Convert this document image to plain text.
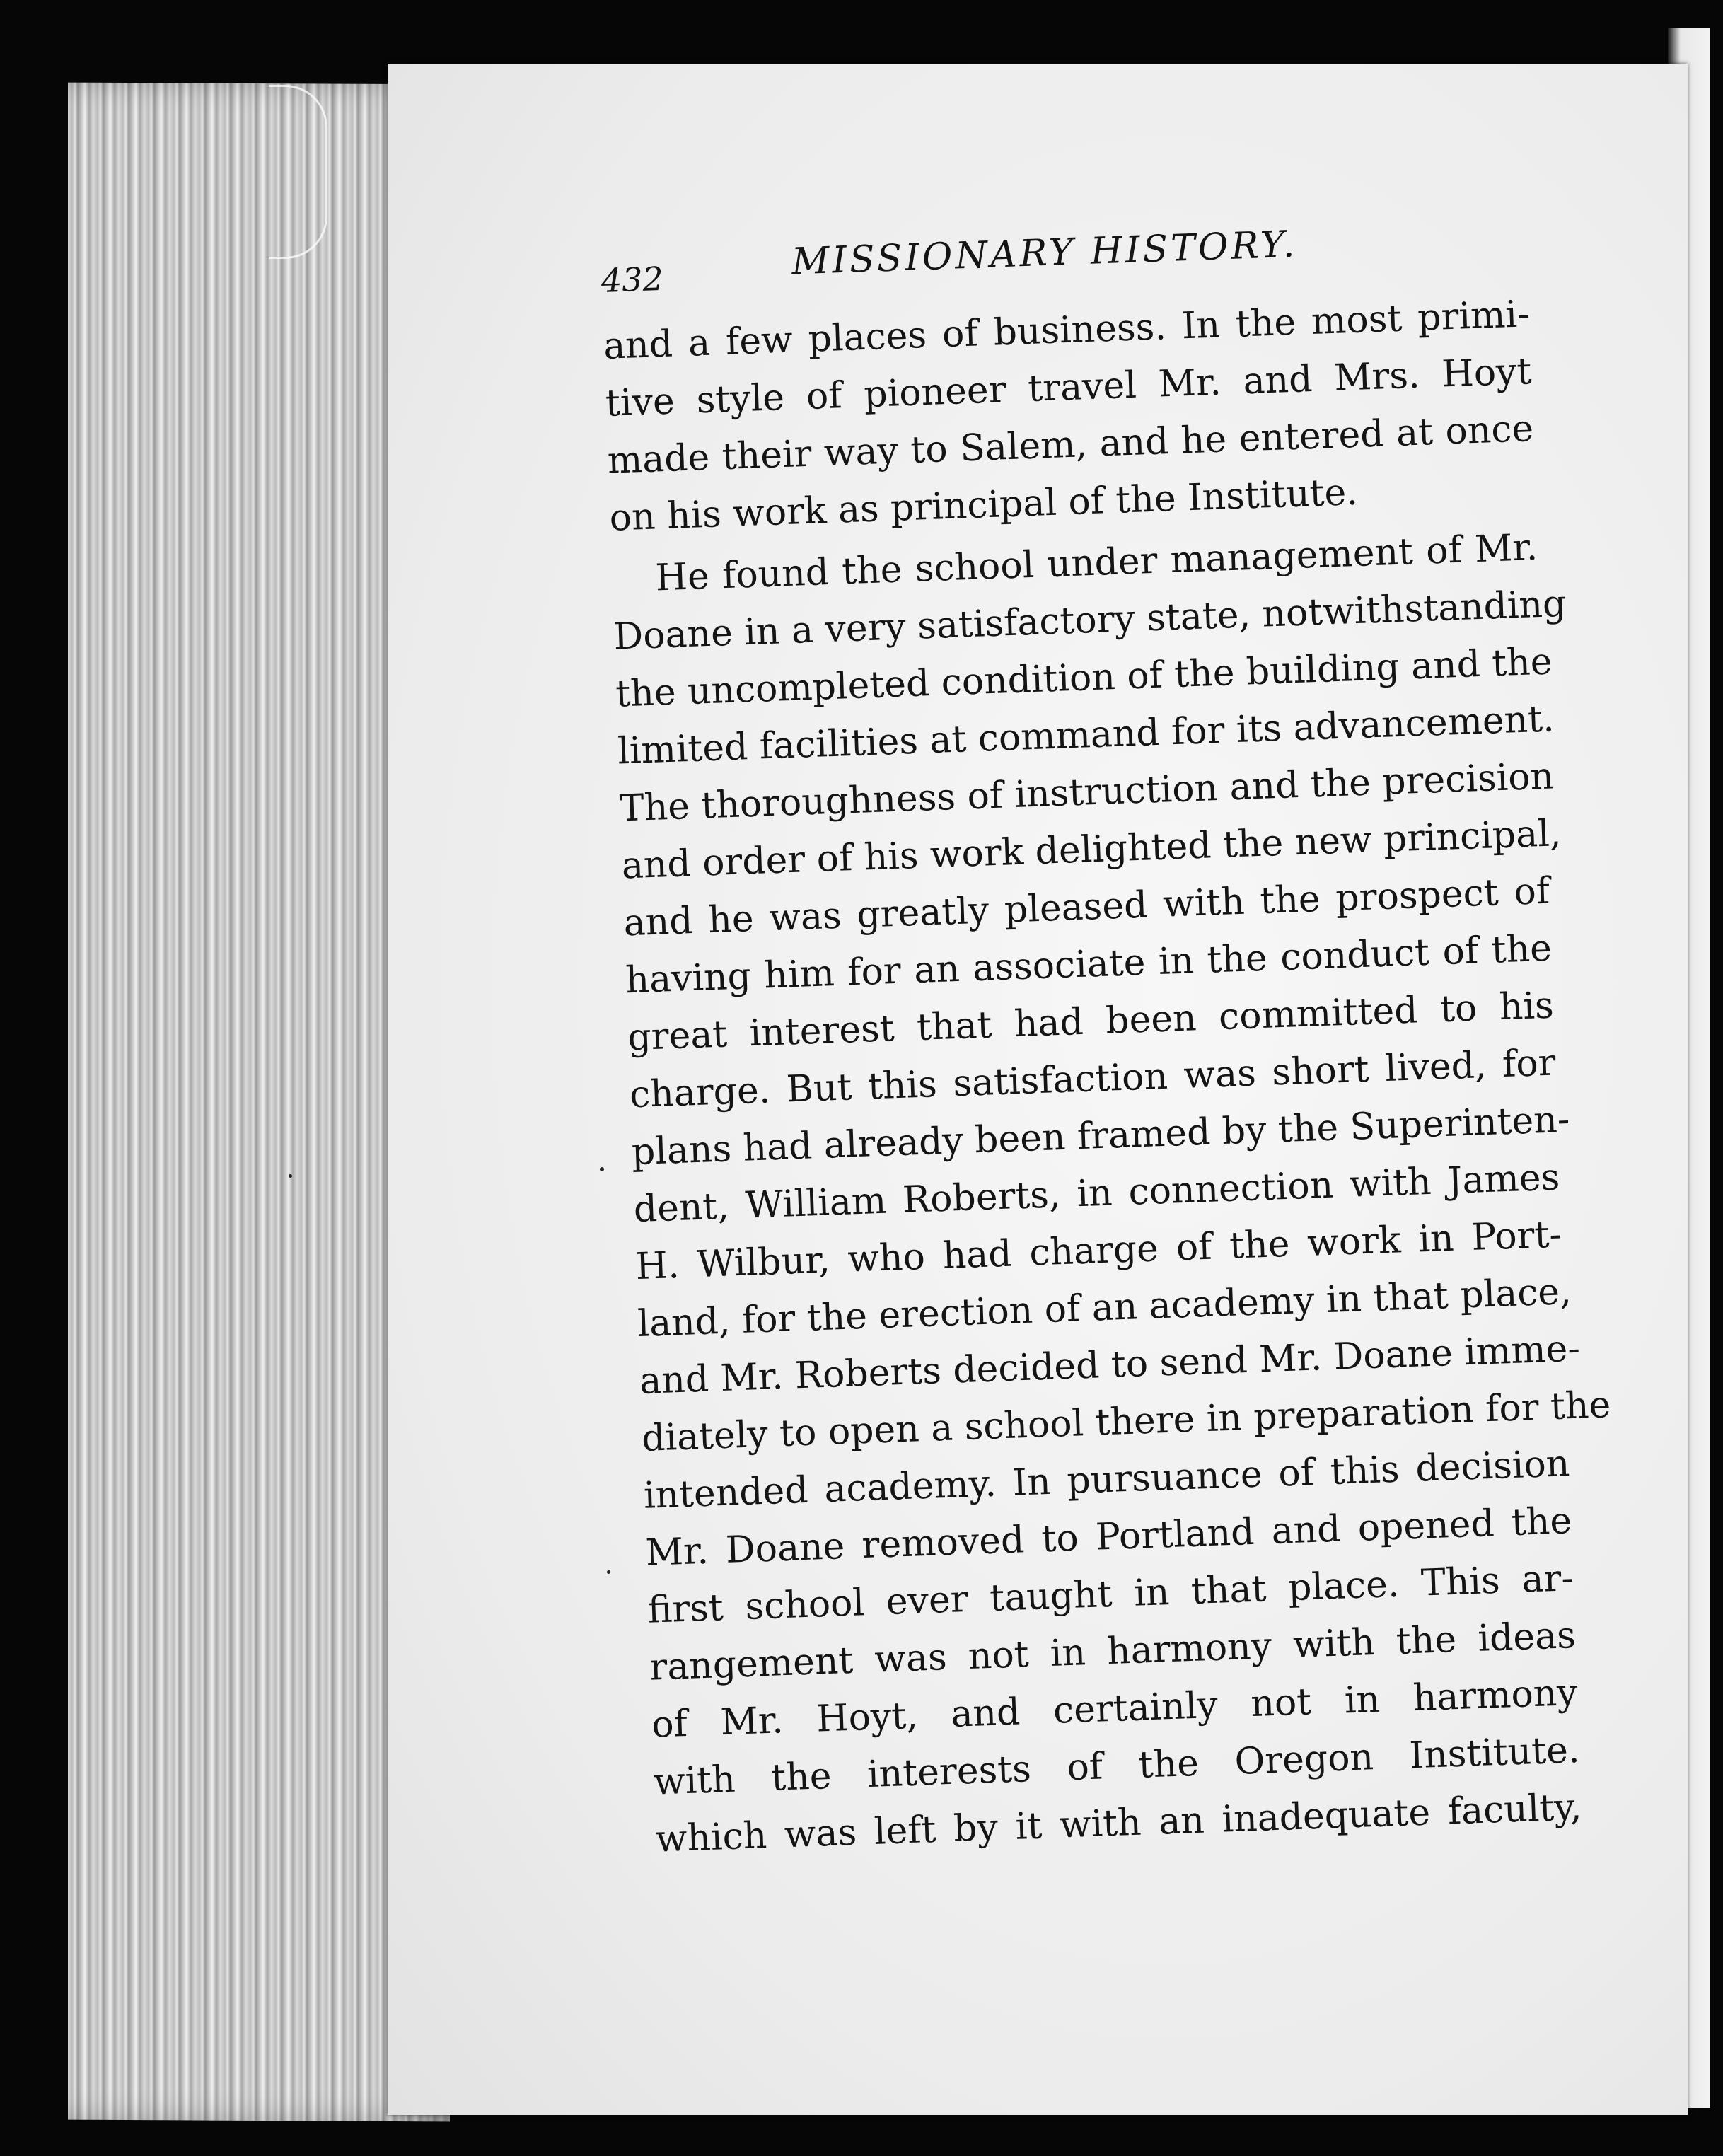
432	MISSIONARY HISTORY.

and a few places of business. In the most primi-
tive style of pioneer travel Mr. and Mrs. Hoyt
made their way to Salem, and he entered at once
on his work as principal of the Institute.

He found the school under management of Mr.
Doane in a very satisfactory state, notwithstanding
the uncompleted condition of the building and the
limited facilities at command for its advancement.
The thoroughness of instruction and the precision
and order of his work delighted the new principal,
and he was greatly pleased with the prospect of
having him for an associate in the conduct of the
great interest that had been committed to his
charge. But this satisfaction was short lived, for
plans had already been framed by the Superinten-
dent, William Roberts, in connection with James
H. Wilbur, who had charge of the work in Port-
land, for the erection of an academy in that place,
and Mr. Roberts decided to send Mr. Doane imme-
diately to open a school there in preparation for the
intended academy. In pursuance of this decision
Mr. Doane removed to Portland and opened the
first school ever taught in that place. This ar-
rangement was not in harmony with the ideas
of Mr. Hoyt, and certainly not in harmony
with the interests of the Oregon Institute.
which was left by it with an inadequate faculty,
